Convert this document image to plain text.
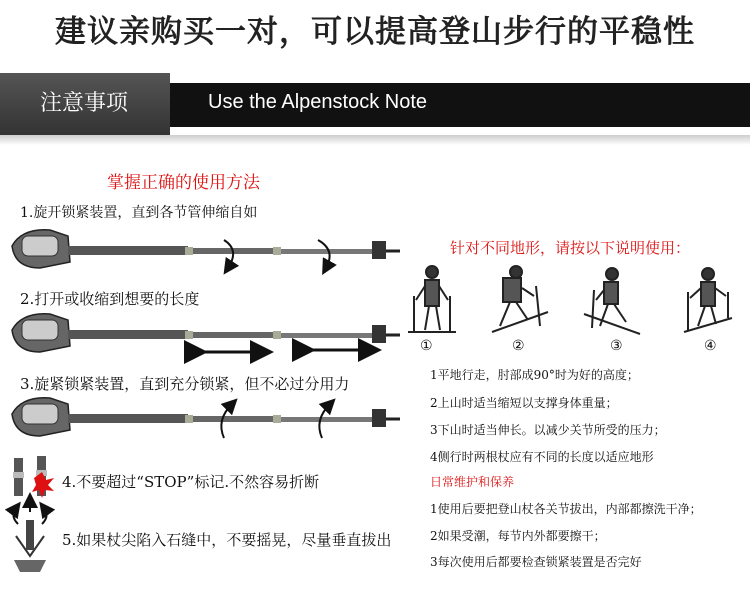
建议亲购买一对，可以提高登山步行的平稳性
注意事项	Use the Alpenstock Note
掌握正确的使用方法
1.旋开锁紧装置，直到各节管伸缩自如
2.打开或收缩到想要的长度
3.旋紧锁紧装置，直到充分锁紧，但不必过分用力
4.不要超过“STOP”标记.不然容易折断
5.如果杖尖陷入石缝中，不要摇晃，尽量垂直拔出
针对不同地形，请按以下说明使用：
①	②	③	④
1平地行走，肘部成90°时为好的高度；
2上山时适当缩短以支撑身体重量；
3下山时适当伸长。以减少关节所受的压力；
4侧行时两根杖应有不同的长度以适应地形
日常维护和保养
1使用后要把登山杖各关节拔出，内部都擦洗干净；
2如果受潮，每节内外都要擦干；
3每次使用后都要检查锁紧装置是否完好
